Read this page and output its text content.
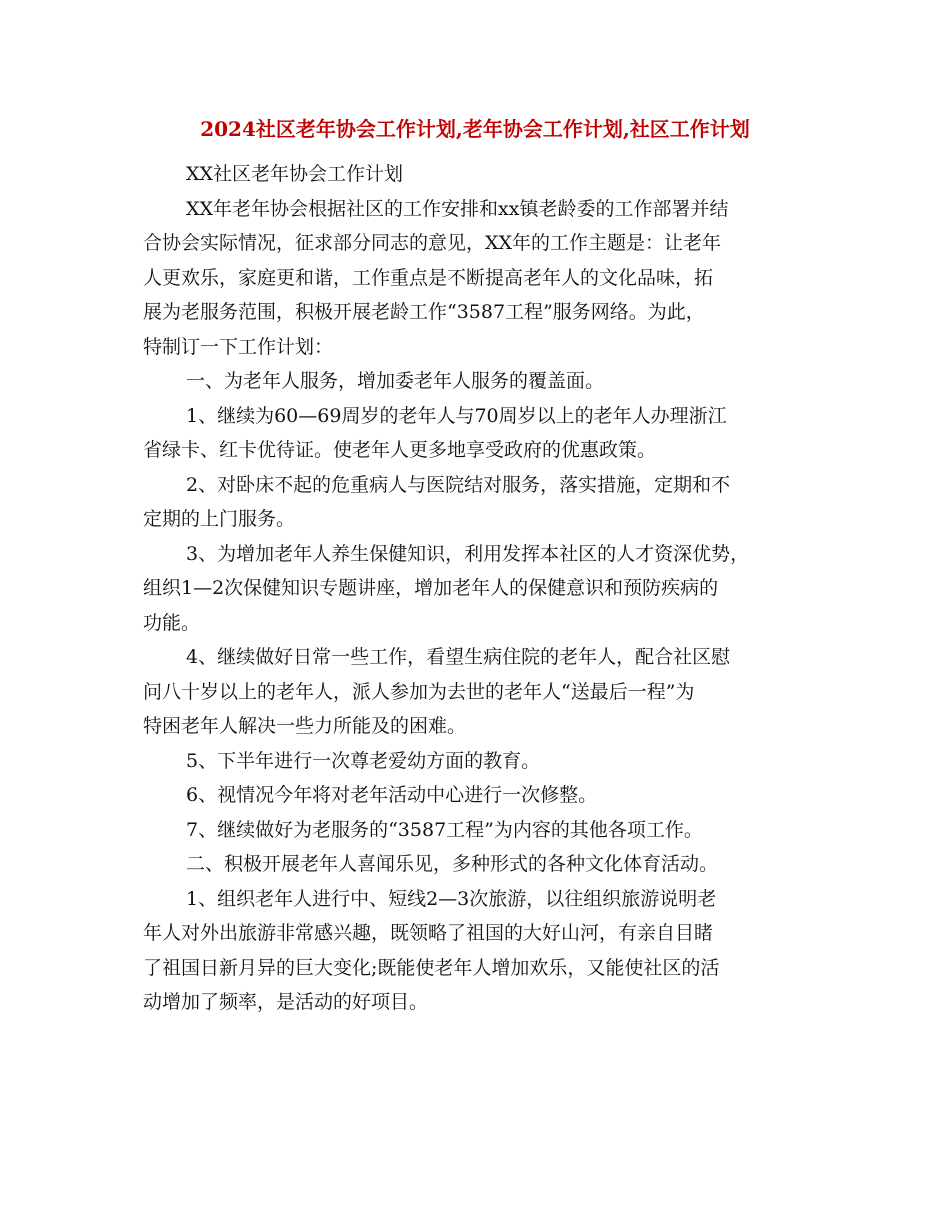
2024社区老年协会工作计划,老年协会工作计划,社区工作计划
XX社区老年协会工作计划
XX年老年协会根据社区的工作安排和xx镇老龄委的工作部署并结
合协会实际情况，征求部分同志的意见，XX年的工作主题是：让老年
人更欢乐，家庭更和谐，工作重点是不断提高老年人的文化品味，拓
展为老服务范围，积极开展老龄工作“3587工程”服务网络。为此，
特制订一下工作计划：
一、为老年人服务，增加委老年人服务的覆盖面。
1、继续为60—69周岁的老年人与70周岁以上的老年人办理浙江
省绿卡、红卡优待证。使老年人更多地享受政府的优惠政策。
2、对卧床不起的危重病人与医院结对服务，落实措施，定期和不
定期的上门服务。
3、为增加老年人养生保健知识，利用发挥本社区的人才资深优势，
组织1—2次保健知识专题讲座，增加老年人的保健意识和预防疾病的
功能。
4、继续做好日常一些工作，看望生病住院的老年人，配合社区慰
问八十岁以上的老年人，派人参加为去世的老年人“送最后一程”为
特困老年人解决一些力所能及的困难。
5、下半年进行一次尊老爱幼方面的教育。
6、视情况今年将对老年活动中心进行一次修整。
7、继续做好为老服务的“3587工程”为内容的其他各项工作。
二、积极开展老年人喜闻乐见，多种形式的各种文化体育活动。
1、组织老年人进行中、短线2—3次旅游，以往组织旅游说明老
年人对外出旅游非常感兴趣，既领略了祖国的大好山河，有亲自目睹
了祖国日新月异的巨大变化;既能使老年人增加欢乐，又能使社区的活
动增加了频率，是活动的好项目。
